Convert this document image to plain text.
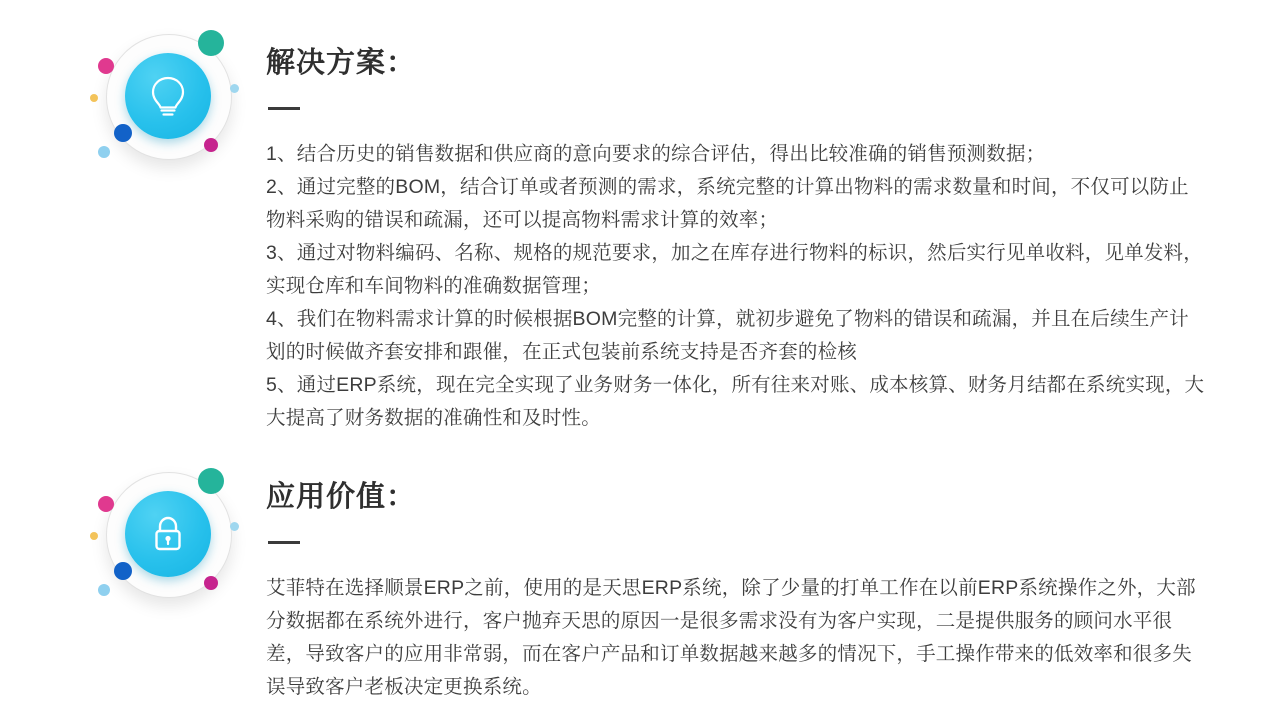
解决方案：

1、结合历史的销售数据和供应商的意向要求的综合评估，得出比较准确的销售预测数据；

2、通过完整的BOM，结合订单或者预测的需求，系统完整的计算出物料的需求数量和时间，不仅可以防止物料采购的错误和疏漏，还可以提高物料需求计算的效率；

3、通过对物料编码、名称、规格的规范要求，加之在库存进行物料的标识，然后实行见单收料，见单发料，实现仓库和车间物料的准确数据管理；

4、我们在物料需求计算的时候根据BOM完整的计算，就初步避免了物料的错误和疏漏，并且在后续生产计划的时候做齐套安排和跟催，在正式包装前系统支持是否齐套的检核

5、通过ERP系统，现在完全实现了业务财务一体化，所有往来对账、成本核算、财务月结都在系统实现，大大提高了财务数据的准确性和及时性。

应用价值：

艾菲特在选择顺景ERP之前，使用的是天思ERP系统，除了少量的打单工作在以前ERP系统操作之外，大部分数据都在系统外进行，客户抛弃天思的原因一是很多需求没有为客户实现，二是提供服务的顾问水平很差，导致客户的应用非常弱，而在客户产品和订单数据越来越多的情况下，手工操作带来的低效率和很多失误导致客户老板决定更换系统。
